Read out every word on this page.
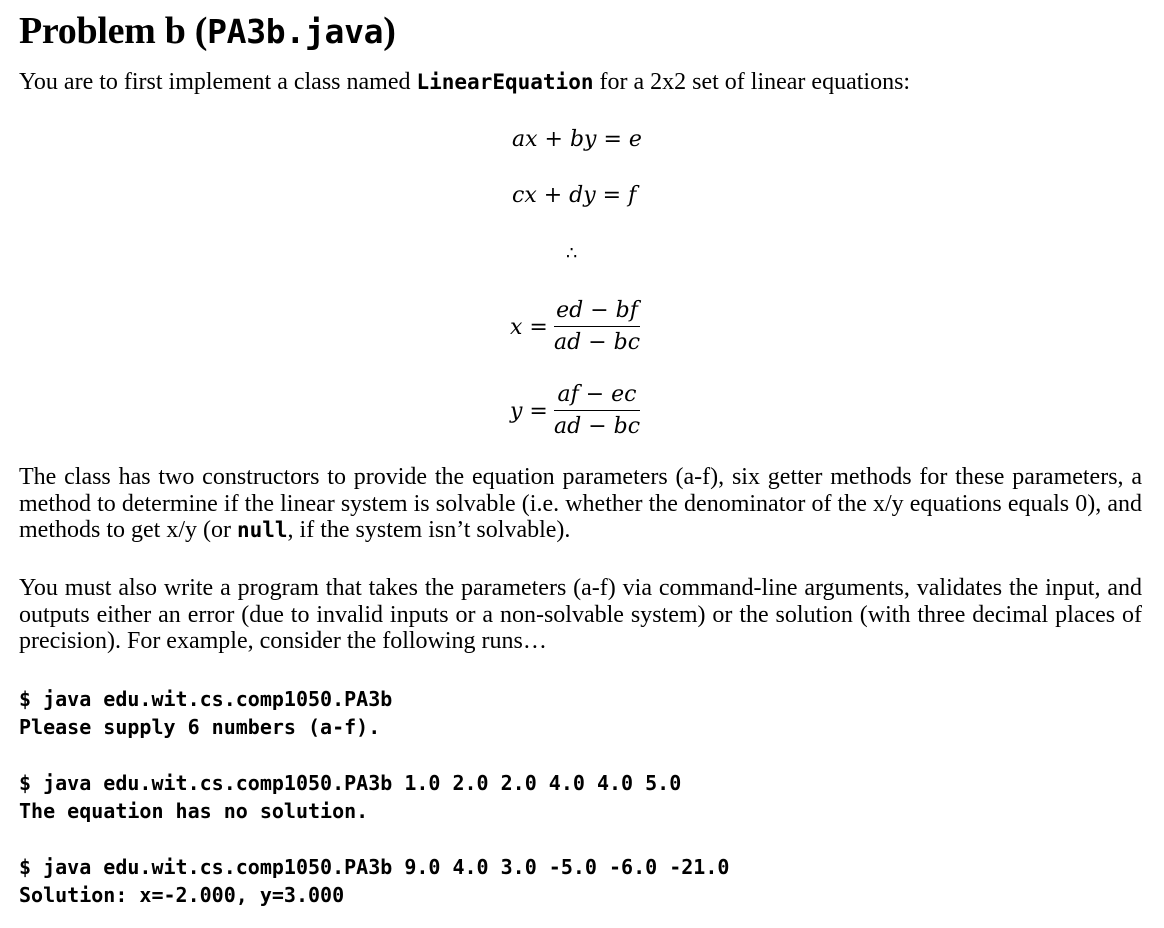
Problem b (PA3b.java)

You are to first implement a class named LinearEquation for a 2x2 set of linear equations:

ax + by = e
cx + dy = f
∴
$x = \frac{ed - bf}{ad - bc}$
$y = \frac{af - ec}{ad - bc}$

The class has two constructors to provide the equation parameters (a-f), six getter methods for these parameters, a method to determine if the linear system is solvable (i.e. whether the denominator of the x/y equations equals 0), and methods to get x/y (or null, if the system isn’t solvable).

You must also write a program that takes the parameters (a-f) via command-line arguments, validates the input, and outputs either an error (due to invalid inputs or a non-solvable system) or the solution (with three decimal places of precision). For example, consider the following runs…

$ java edu.wit.cs.comp1050.PA3b
Please supply 6 numbers (a-f).
$ java edu.wit.cs.comp1050.PA3b 1.0 2.0 2.0 4.0 4.0 5.0
The equation has no solution.
$ java edu.wit.cs.comp1050.PA3b 9.0 4.0 3.0 -5.0 -6.0 -21.0
Solution: x=-2.000, y=3.000
